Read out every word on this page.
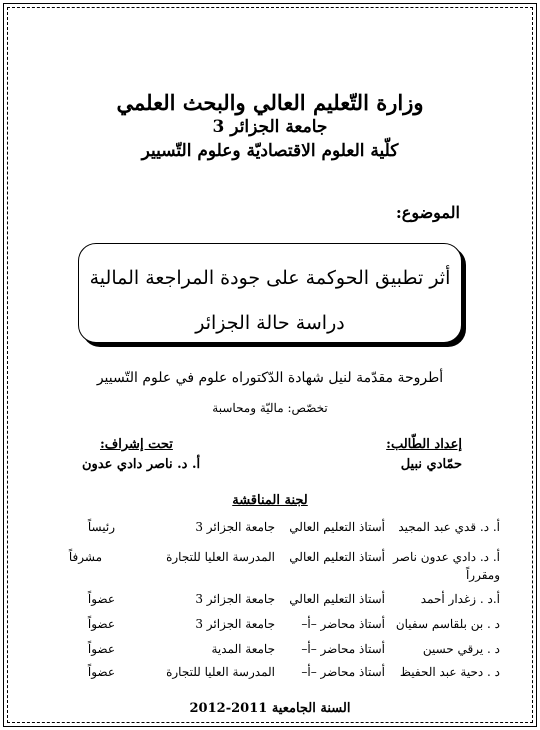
وزارة التّعليم العالي والبحث العلمي
جامعة الجزائر 3
كلّية العلوم الاقتصاديّة وعلوم التّسيير
الموضوع:
أثر تطبيق الحوكمة على جودة المراجعة المالية
دراسة حالة الجزائر
أطروحة مقدّمة لنيل شهادة الدّكتوراه علوم في علوم التّسيير
تخصّص: ماليّة ومحاسبة
إعداد الطّالب:
حمّادي نبيل
تحت إشراف:
أ. د. ناصر دادي عدون
لجنة المناقشة
أ. د. قدي عبد المجيد
أستاذ التعليم العالي
جامعة الجزائر 3
رئيساً
أ. د. دادي عدون ناصر
أستاذ التعليم العالي
المدرسة العليا للتجارة
مشرفاً
ومقرراً
أ.د . زغدار أحمد
أستاذ التعليم العالي
جامعة الجزائر 3
عضواً
د . بن بلقاسم سفيان
أستاذ محاضر –أ–
جامعة الجزائر 3
عضواً
د . يرقي حسين
أستاذ محاضر –أ–
جامعة المدية
عضواً
د . دحية عبد الحفيظ
أستاذ محاضر –أ–
المدرسة العليا للتجارة
عضواً
السنة الجامعية 2011-2012
